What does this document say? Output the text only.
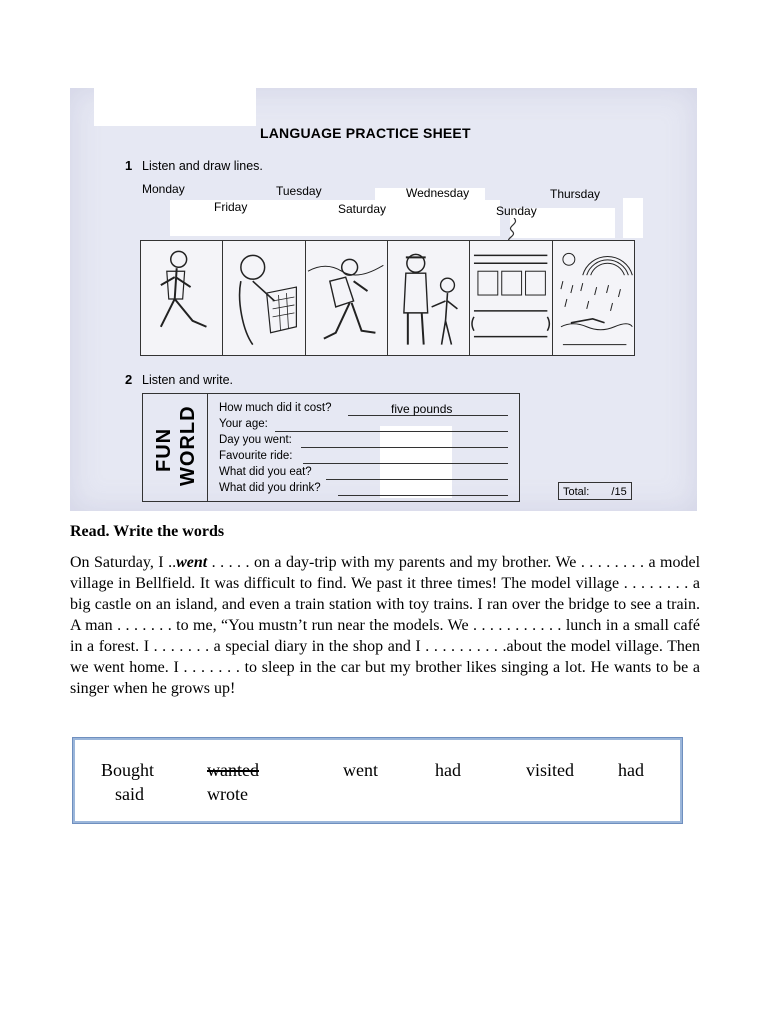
LANGUAGE PRACTICE SHEET
1 Listen and draw lines.
Monday	Tuesday	Wednesday	Thursday
Friday	Saturday	Sunday
2 Listen and write.
FUN WORLD How much did it cost?	five pounds
Your age:
Day you went:
Favourite ride:
What did you eat?
What did you drink?	Total: /15
Read. Write the words
On Saturday, I ..went . . . . . on a day-trip with my parents and my brother. We . . . . . . . . a model village in Bellfield. It was difficult to find. We past it three times! The model village . . . . . . . . a big castle on an island, and even a train station with toy trains. I ran over the bridge to see a train. A man . . . . . . . to me, “You mustn’t run near the models. We . . . . . . . . . . . lunch in a small café in a forest. I . . . . . . . a special diary in the shop and I . . . . . . . . . .about the model village. Then we went home. I . . . . . . . to sleep in the car but my brother likes singing a lot. He wants to be a singer when he grows up!
Bought	wanted	went	had	visited had
said	wrote
